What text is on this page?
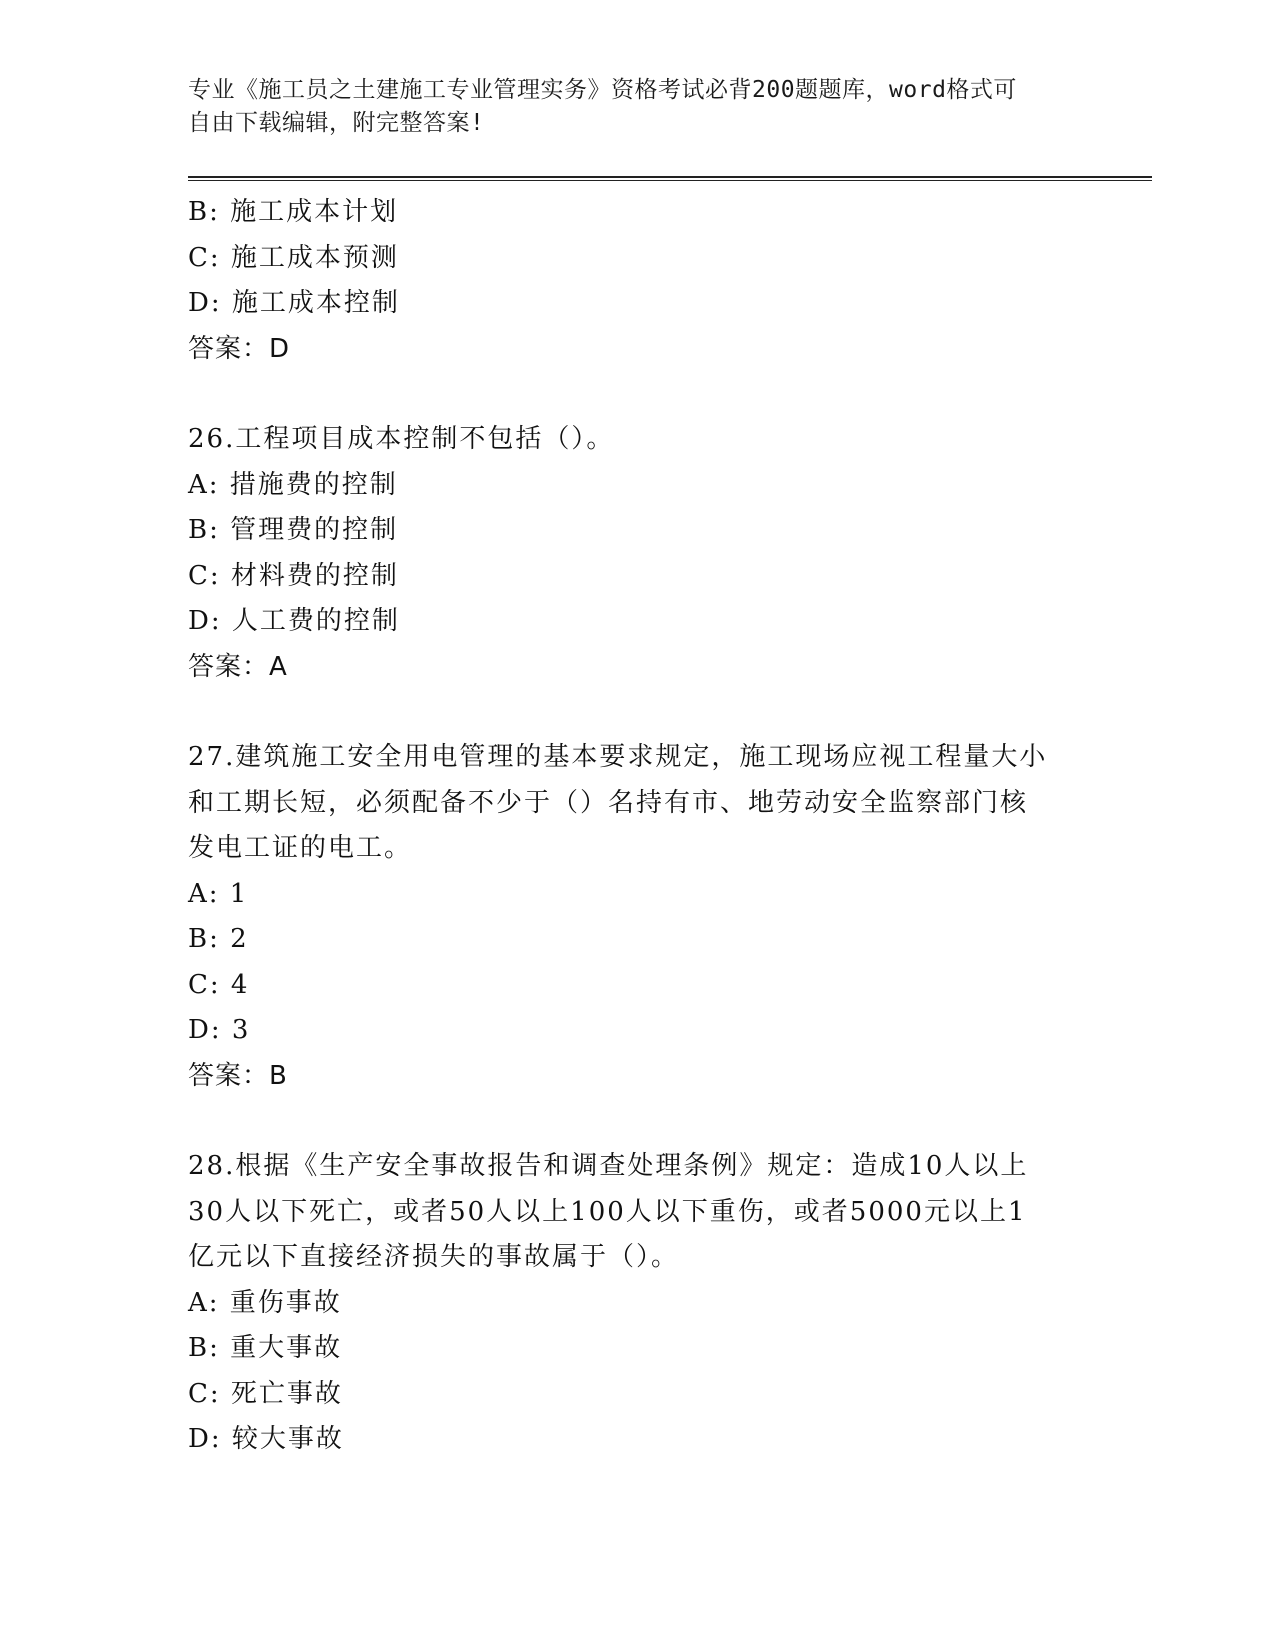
专业《施工员之土建施工专业管理实务》资格考试必背200题题库，word格式可
自由下载编辑，附完整答案!
B: 施工成本计划
C: 施工成本预测
D: 施工成本控制
答案：D
26.工程项目成本控制不包括（）。
A: 措施费的控制
B: 管理费的控制
C: 材料费的控制
D: 人工费的控制
答案：A
27.建筑施工安全用电管理的基本要求规定，施工现场应视工程量大小
和工期长短，必须配备不少于（）名持有市、地劳动安全监察部门核
发电工证的电工。
A: 1
B: 2
C: 4
D: 3
答案：B
28.根据《生产安全事故报告和调查处理条例》规定：造成10人以上
30人以下死亡，或者50人以上100人以下重伤，或者5000元以上1
亿元以下直接经济损失的事故属于（）。
A: 重伤事故
B: 重大事故
C: 死亡事故
D: 较大事故
